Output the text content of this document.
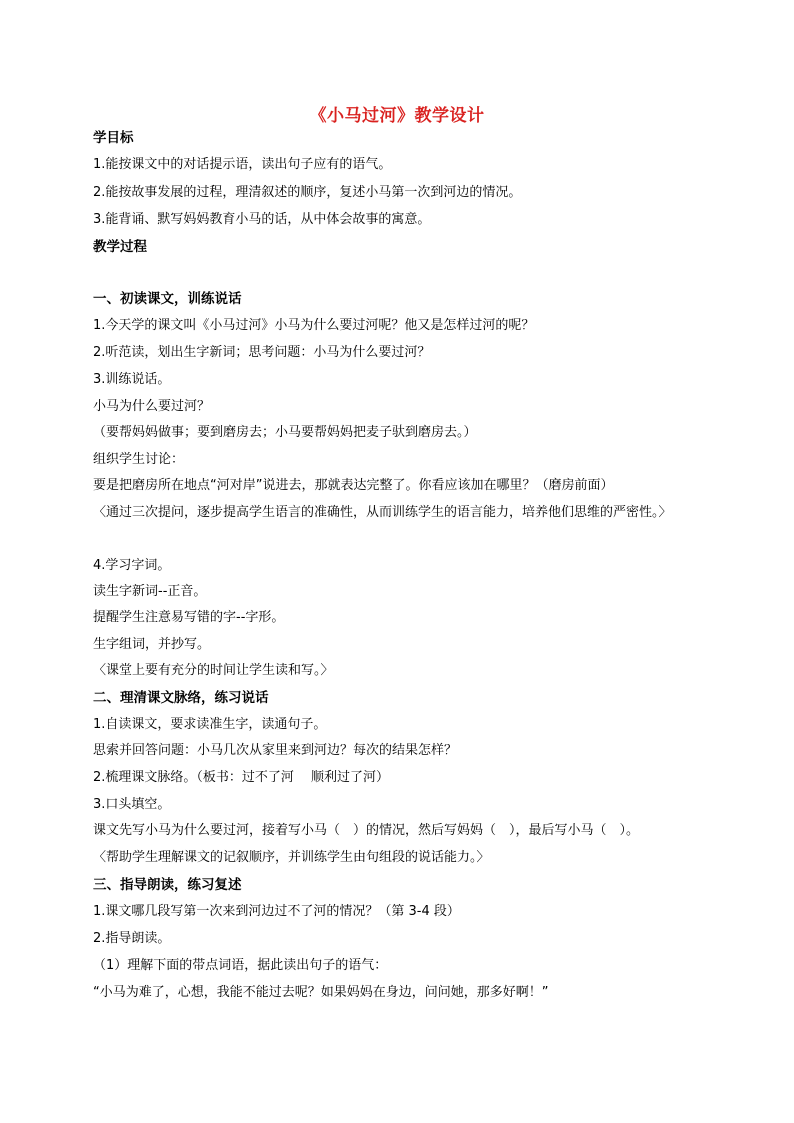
《小马过河》教学设计
学目标
1.能按课文中的对话提示语，读出句子应有的语气。
2.能按故事发展的过程，理清叙述的顺序，复述小马第一次到河边的情况。
3.能背诵、默写妈妈教育小马的话，从中体会故事的寓意。
教学过程
一、初读课文，训练说话
1.今天学的课文叫《小马过河》小马为什么要过河呢？他又是怎样过河的呢？
2.听范读，划出生字新词；思考问题：小马为什么要过河？
3.训练说话。
小马为什么要过河？
（要帮妈妈做事；要到磨房去；小马要帮妈妈把麦子驮到磨房去。）
组织学生讨论：
要是把磨房所在地点“河对岸”说进去，那就表达完整了。你看应该加在哪里？（磨房前面）
〈通过三次提问，逐步提高学生语言的准确性，从而训练学生的语言能力，培养他们思维的严密性。〉
4.学习字词。
读生字新词--正音。
提醒学生注意易写错的字--字形。
生字组词，并抄写。
〈课堂上要有充分的时间让学生读和写。〉
二、理清课文脉络，练习说话
1.自读课文，要求读准生字，读通句子。
思索并回答问题：小马几次从家里来到河边？每次的结果怎样？
2.梳理课文脉络。（板书：过不了河　 顺利过了河）
3.口头填空。
课文先写小马为什么要过河，接着写小马（　）的情况，然后写妈妈（　），最后写小马（　）。
〈帮助学生理解课文的记叙顺序，并训练学生由句组段的说话能力。〉
三、指导朗读，练习复述
1.课文哪几段写第一次来到河边过不了河的情况？（第 3-4 段）
2.指导朗读。
（1）理解下面的带点词语，据此读出句子的语气：
“小马为难了，心想，我能不能过去呢？如果妈妈在身边，问问她，那多好啊！”
